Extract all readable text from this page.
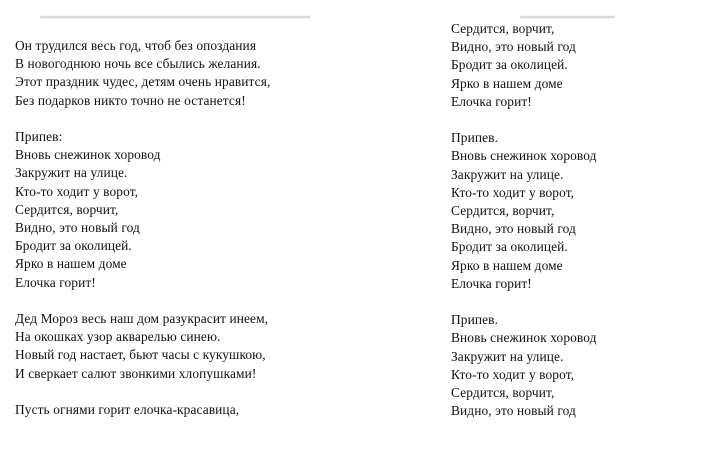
Он трудился весь год, чтоб без опоздания
В новогоднюю ночь все сбылись желания.
Этот праздник чудес, детям очень нравится,
Без подарков никто точно не останется!
Припев:
Вновь снежинок хоровод
Закружит на улице.
Кто-то ходит у ворот,
Сердится, ворчит,
Видно, это новый год
Бродит за околицей.
Ярко в нашем доме
Елочка горит!
Дед Мороз весь наш дом разукрасит инеем,
На окошках узор акварелью синею.
Новый год настает, бьют часы с кукушкою,
И сверкает салют звонкими хлопушками!
Пусть огнями горит елочка-красавица,
Сердится, ворчит,
Видно, это новый год
Бродит за околицей.
Ярко в нашем доме
Елочка горит!
Припев.
Вновь снежинок хоровод
Закружит на улице.
Кто-то ходит у ворот,
Сердится, ворчит,
Видно, это новый год
Бродит за околицей.
Ярко в нашем доме
Елочка горит!
Припев.
Вновь снежинок хоровод
Закружит на улице.
Кто-то ходит у ворот,
Сердится, ворчит,
Видно, это новый год
